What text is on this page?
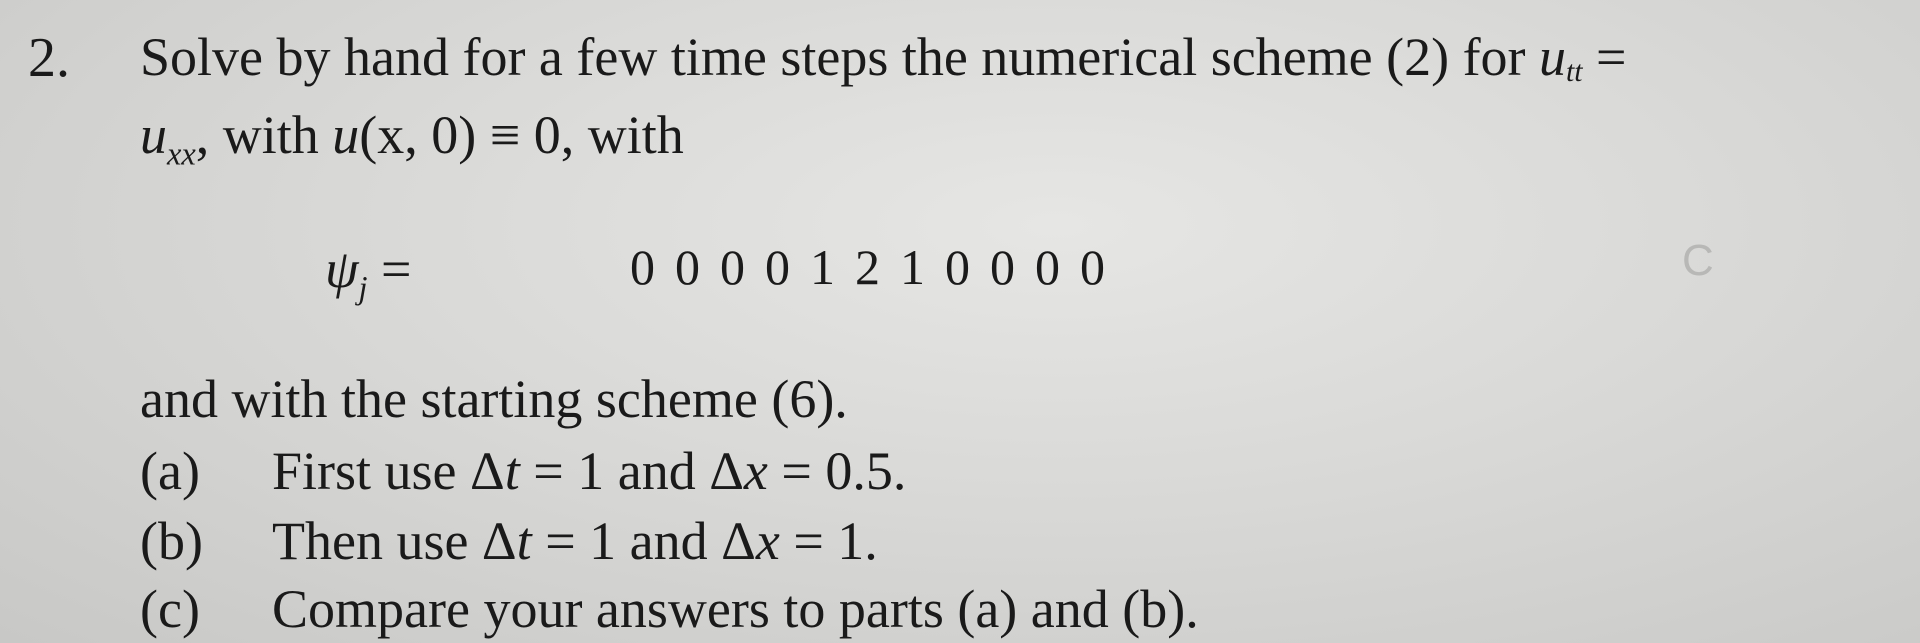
2. Solve by hand for a few time steps the numerical scheme (2) for utt =
$u_{xx}$, with u(x, 0) ≡ 0, with
$\psi_j$ =	0 0 0 0 1 2 1 0 0 0 0	C
and with the starting scheme (6).
(a) First use Δt = 1 and Δx = 0.5.
(b) Then use Δt = 1 and Δx = 1.
(c) Compare your answers to parts (a) and (b).
